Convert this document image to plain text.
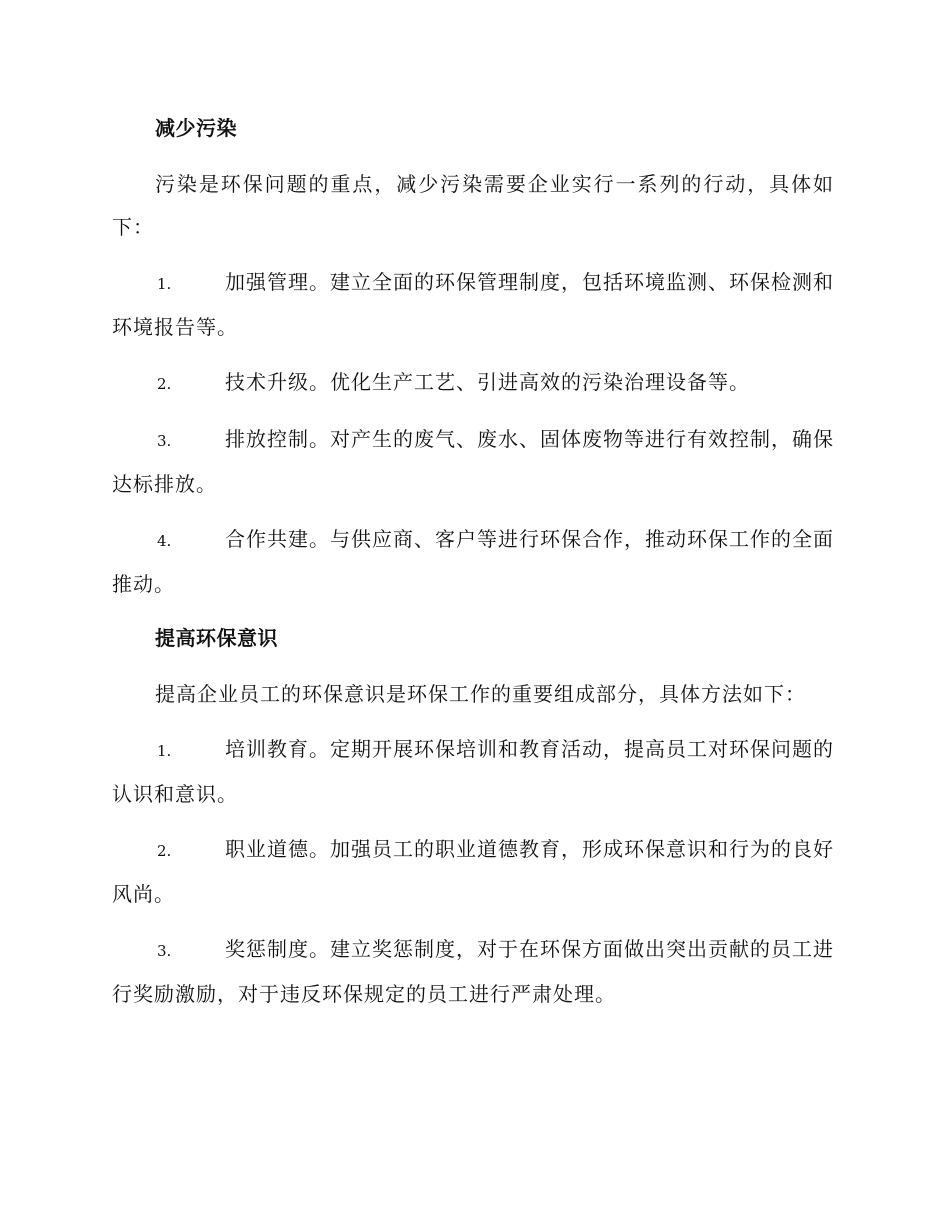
减少污染

污染是环保问题的重点，减少污染需要企业实行一系列的行动，具体如下：

1.	加强管理。建立全面的环保管理制度，包括环境监测、环保检测和环境报告等。

2.	技术升级。优化生产工艺、引进高效的污染治理设备等。

3.	排放控制。对产生的废气、废水、固体废物等进行有效控制，确保达标排放。

4.	合作共建。与供应商、客户等进行环保合作，推动环保工作的全面推动。

提高环保意识

提高企业员工的环保意识是环保工作的重要组成部分，具体方法如下：

1.	培训教育。定期开展环保培训和教育活动，提高员工对环保问题的认识和意识。

2.	职业道德。加强员工的职业道德教育，形成环保意识和行为的良好风尚。

3.	奖惩制度。建立奖惩制度，对于在环保方面做出突出贡献的员工进行奖励激励，对于违反环保规定的员工进行严肃处理。
